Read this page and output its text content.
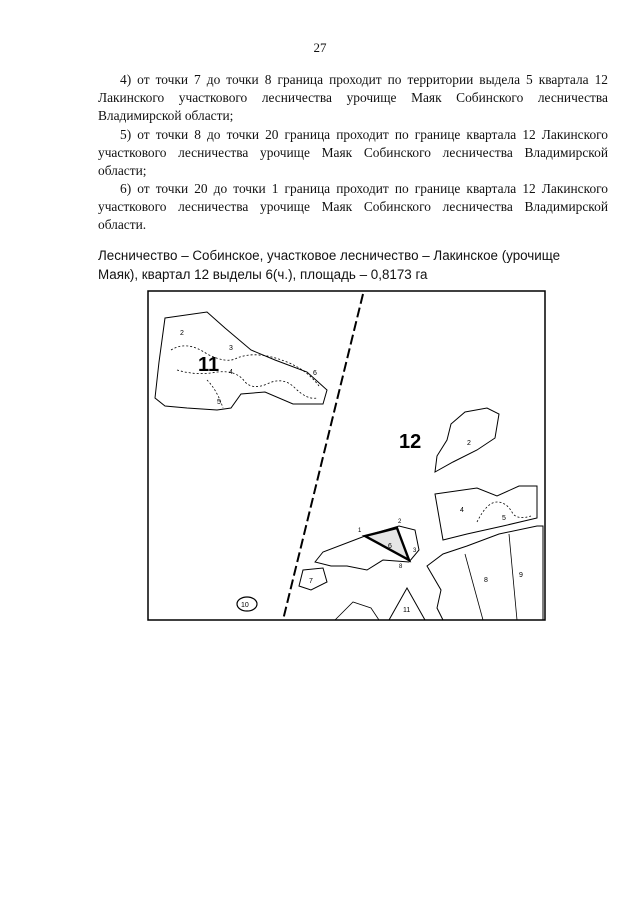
27

4) от точки 7 до точки 8 граница проходит по территории выдела 5 квартала 12 Лакинского участкового лесничества урочище Маяк Собинского лесничества Владимирской области;

5) от точки 8 до точки 20 граница проходит по границе квартала 12 Лакинского участкового лесничества урочище Маяк Собинского лесничества Владимирской области;

6) от точки 20 до точки 1 граница проходит по границе квартала 12 Лакинского участкового лесничества урочище Маяк Собинского лесничества Владимирской области.

Лесничество – Собинское, участковое лесничество – Лакинское (урочище Маяк), квартал 12 выделы 6(ч.), площадь – 0,8173 га

11
2
3
4
5
6
12	2
4
5
6
1
2
3
8
7	8
9
11
10
